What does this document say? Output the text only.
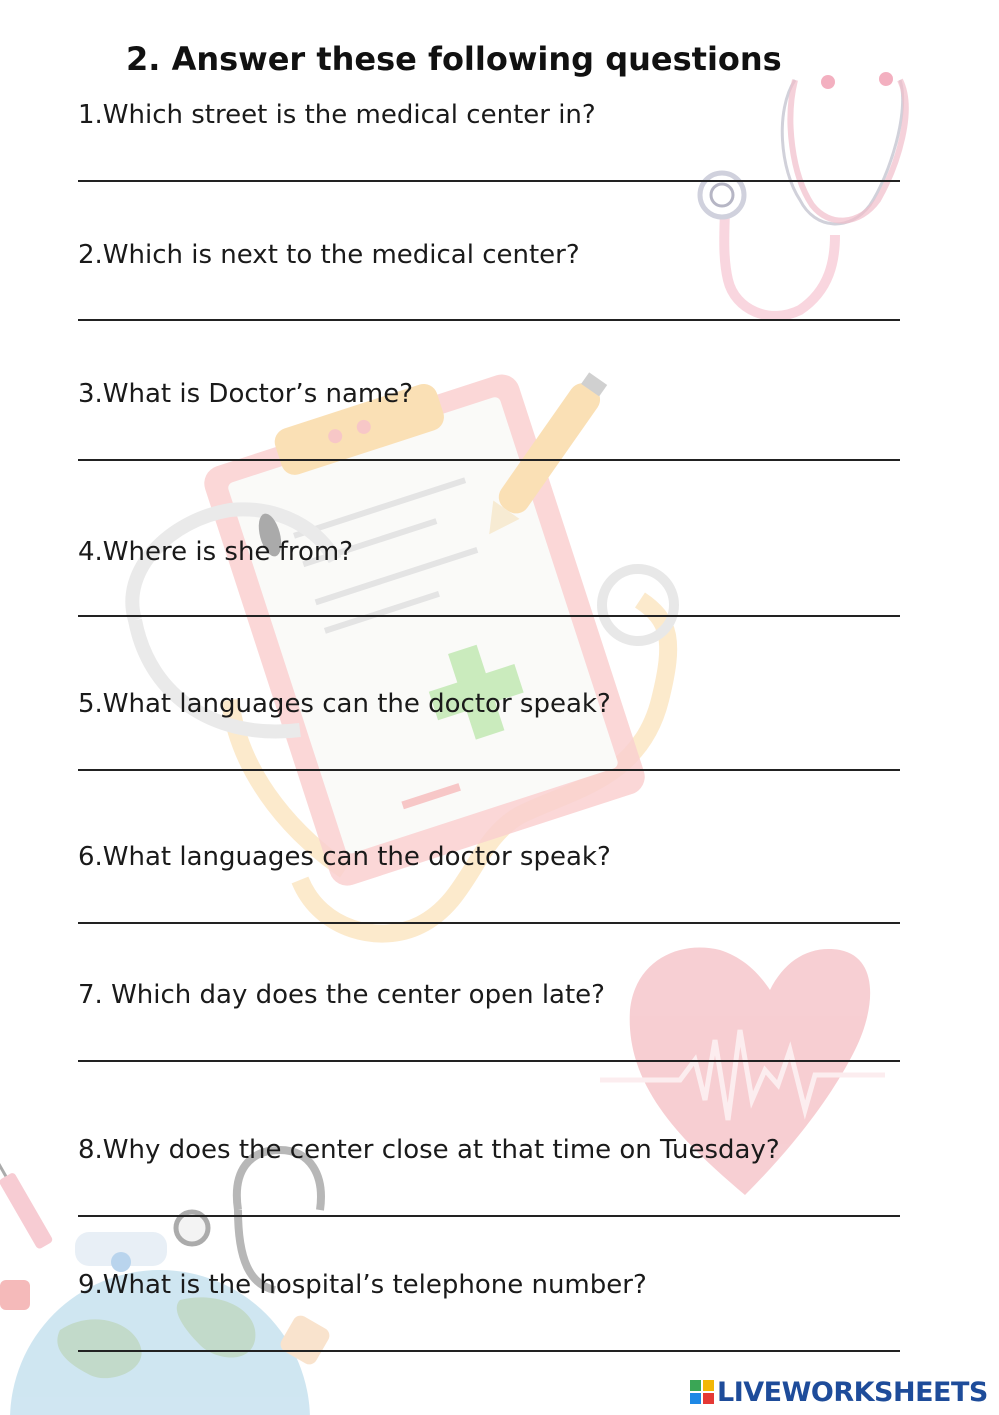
2. Answer these following questions
1.Which street is the medical center in?
2.Which is next to the medical center?
3.What is Doctor’s name?
4.Where is she from?
5.What languages can the doctor speak?
6.What languages can the doctor speak?
7. Which day does the center open late?
8.Why does the center close at that time on Tuesday?
9.What is the hospital’s telephone number?
LIVEWORKSHEETS
